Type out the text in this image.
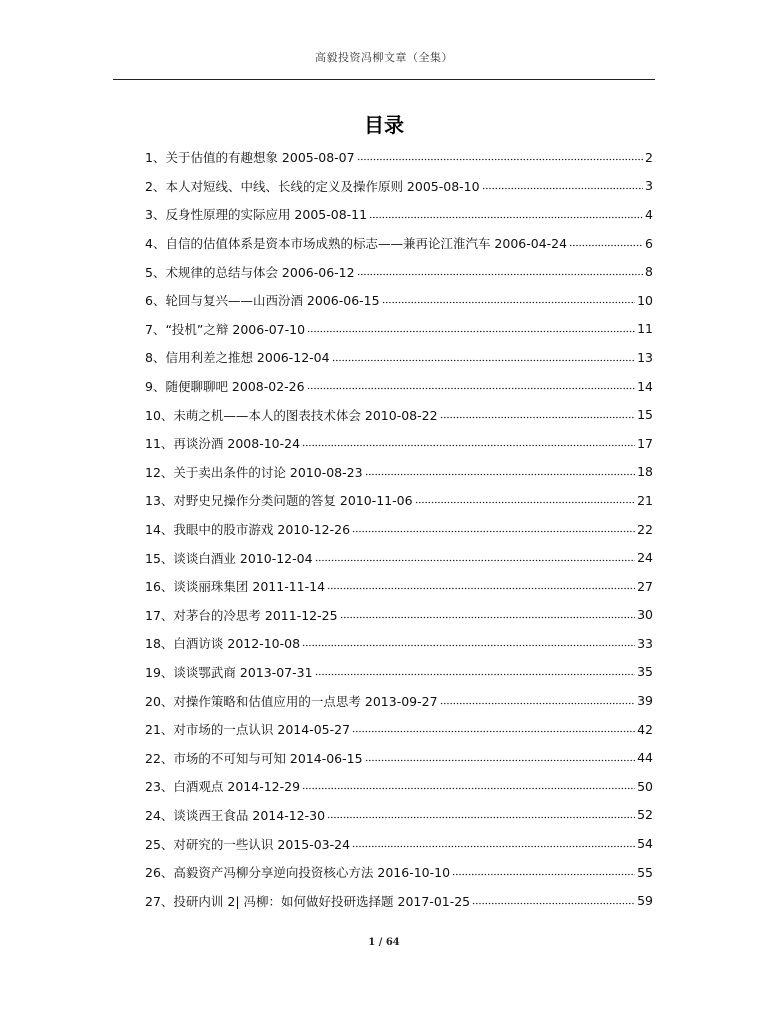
高毅投资冯柳文章（全集）
目录
1、关于估值的有趣想象 2005-08-07	2
2、本人对短线、中线、长线的定义及操作原则 2005-08-10	3
3、反身性原理的实际应用 2005-08-11	4
4、自信的估值体系是资本市场成熟的标志——兼再论江淮汽车 2006-04-24	6
5、术规律的总结与体会 2006-06-12	8
6、轮回与复兴——山西汾酒 2006-06-15	10
7、“投机”之辩 2006-07-10	11
8、信用利差之推想 2006-12-04	13
9、随便聊聊吧 2008-02-26	14
10、未萌之机——本人的图表技术体会 2010-08-22	15
11、再谈汾酒 2008-10-24	17
12、关于卖出条件的讨论 2010-08-23	18
13、对野史兄操作分类问题的答复 2010-11-06	21
14、我眼中的股市游戏 2010-12-26	22
15、谈谈白酒业 2010-12-04	24
16、谈谈丽珠集团 2011-11-14	27
17、对茅台的冷思考 2011-12-25	30
18、白酒访谈 2012-10-08	33
19、谈谈鄂武商 2013-07-31	35
20、对操作策略和估值应用的一点思考 2013-09-27	39
21、对市场的一点认识 2014-05-27	42
22、市场的不可知与可知 2014-06-15	44
23、白酒观点 2014-12-29	50
24、谈谈西王食品 2014-12-30	52
25、对研究的一些认识 2015-03-24	54
26、高毅资产冯柳分享逆向投资核心方法 2016-10-10	55
27、投研内训 2| 冯柳：如何做好投研选择题 2017-01-25	59
1 / 64
